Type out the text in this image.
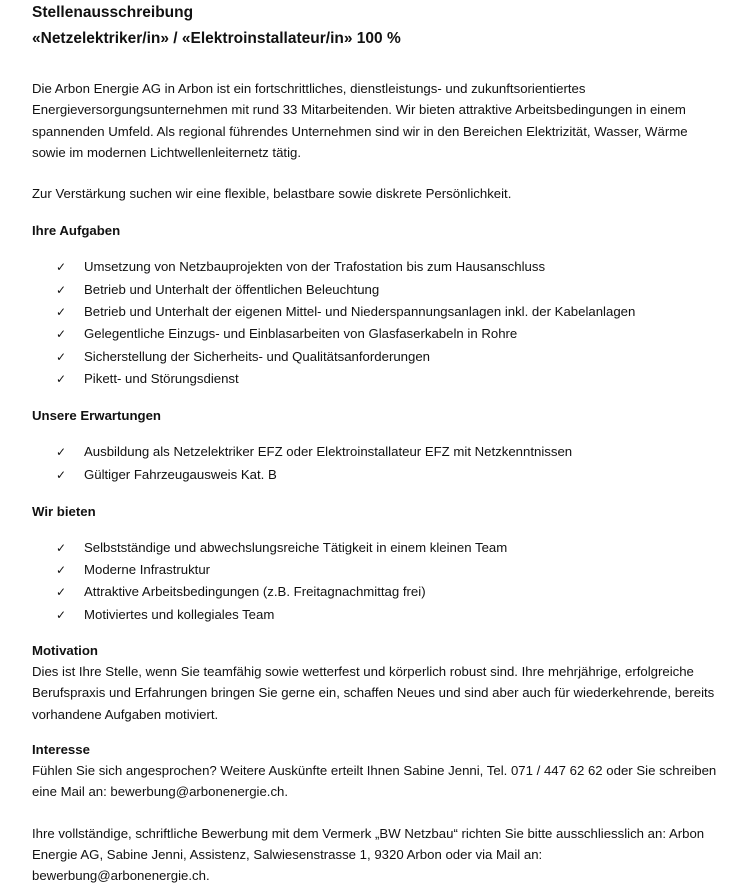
Stellenausschreibung
«Netzelektriker/in» / «Elektroinstallateur/in» 100 %

Die Arbon Energie AG in Arbon ist ein fortschrittliches, dienstleistungs- und zukunftsorientiertes Energieversorgungsunternehmen mit rund 33 Mitarbeitenden. Wir bieten attraktive Arbeitsbedingungen in einem spannenden Umfeld. Als regional führendes Unternehmen sind wir in den Bereichen Elektrizität, Wasser, Wärme sowie im modernen Lichtwellenleiternetz tätig.

Zur Verstärkung suchen wir eine flexible, belastbare sowie diskrete Persönlichkeit.

Ihre Aufgaben
✓	Umsetzung von Netzbauprojekten von der Trafostation bis zum Hausanschluss
✓	Betrieb und Unterhalt der öffentlichen Beleuchtung
✓	Betrieb und Unterhalt der eigenen Mittel- und Niederspannungsanlagen inkl. der Kabelanlagen
✓	Gelegentliche Einzugs- und Einblasarbeiten von Glasfaserkabeln in Rohre
✓	Sicherstellung der Sicherheits- und Qualitätsanforderungen
✓	Pikett- und Störungsdienst
Unsere Erwartungen
✓	Ausbildung als Netzelektriker EFZ oder Elektroinstallateur EFZ mit Netzkenntnissen
✓	Gültiger Fahrzeugausweis Kat. B
Wir bieten
✓	Selbstständige und abwechslungsreiche Tätigkeit in einem kleinen Team
✓	Moderne Infrastruktur
✓	Attraktive Arbeitsbedingungen (z.B. Freitagnachmittag frei)
✓	Motiviertes und kollegiales Team
Motivation

Dies ist Ihre Stelle, wenn Sie teamfähig sowie wetterfest und körperlich robust sind. Ihre mehrjährige, erfolgreiche Berufspraxis und Erfahrungen bringen Sie gerne ein, schaffen Neues und sind aber auch für wiederkehrende, bereits vorhandene Aufgaben motiviert.

Interesse

Fühlen Sie sich angesprochen? Weitere Auskünfte erteilt Ihnen Sabine Jenni, Tel. 071 / 447 62 62 oder Sie schreiben eine Mail an: bewerbung@arbonenergie.ch.

Ihre vollständige, schriftliche Bewerbung mit dem Vermerk „BW Netzbau“ richten Sie bitte ausschliesslich an: Arbon Energie AG, Sabine Jenni, Assistenz, Salwiesenstrasse 1, 9320 Arbon oder via Mail an: bewerbung@arbonenergie.ch.
